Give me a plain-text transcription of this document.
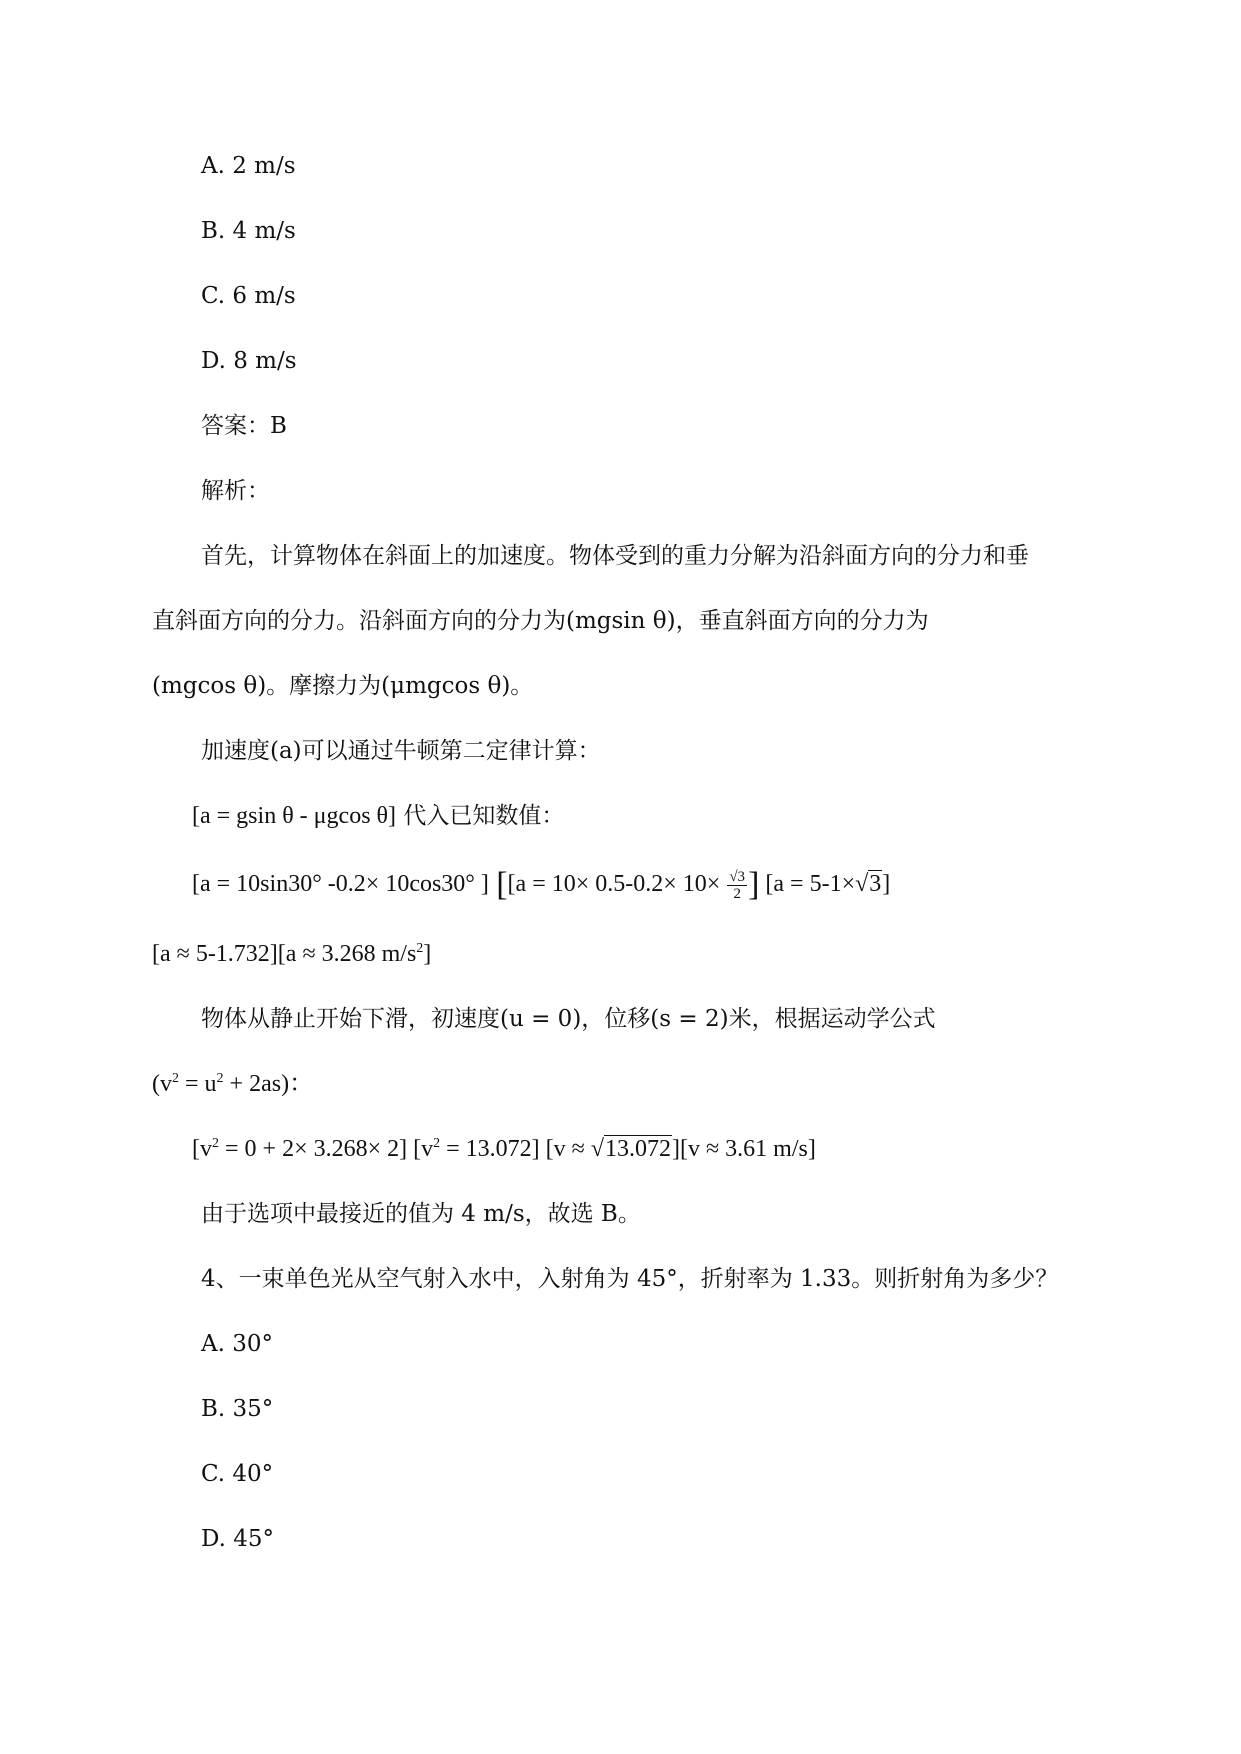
A. 2 m/s
B. 4 m/s
C. 6 m/s
D. 8 m/s
答案：B
解析：
首先，计算物体在斜面上的加速度。物体受到的重力分解为沿斜面方向的分力和垂
直斜面方向的分力。沿斜面方向的分力为(mgsin θ)，垂直斜面方向的分力为
(mgcos θ)。摩擦力为(μmgcos θ)。
加速度(a)可以通过牛顿第二定律计算：
[a = gsin θ - μgcos θ] 代入已知数值：
[a = 10sin30° -0.2× 10cos30° ] [[$a = 10\times 0.5-0.2\times 10\times \frac{√3}{2}$ ] [a = 5-1×√3]
[a ≈ 5-1.732][a ≈ 3.268 $m/s^2$]
物体从静止开始下滑，初速度(u = 0)，位移(s = 2)米，根据运动学公式
$(v^2 = u^2 + 2as)$：
$[v^2 = 0 + 2\times 3.268\times 2] [v^2 = 13.072] [v \approx √13.072][v \approx 3.61$ m/s]
由于选项中最接近的值为 4 m/s，故选 B。
4、一束单色光从空气射入水中，入射角为 45°，折射率为 1.33。则折射角为多少？
A. 30°
B. 35°
C. 40°
D. 45°
